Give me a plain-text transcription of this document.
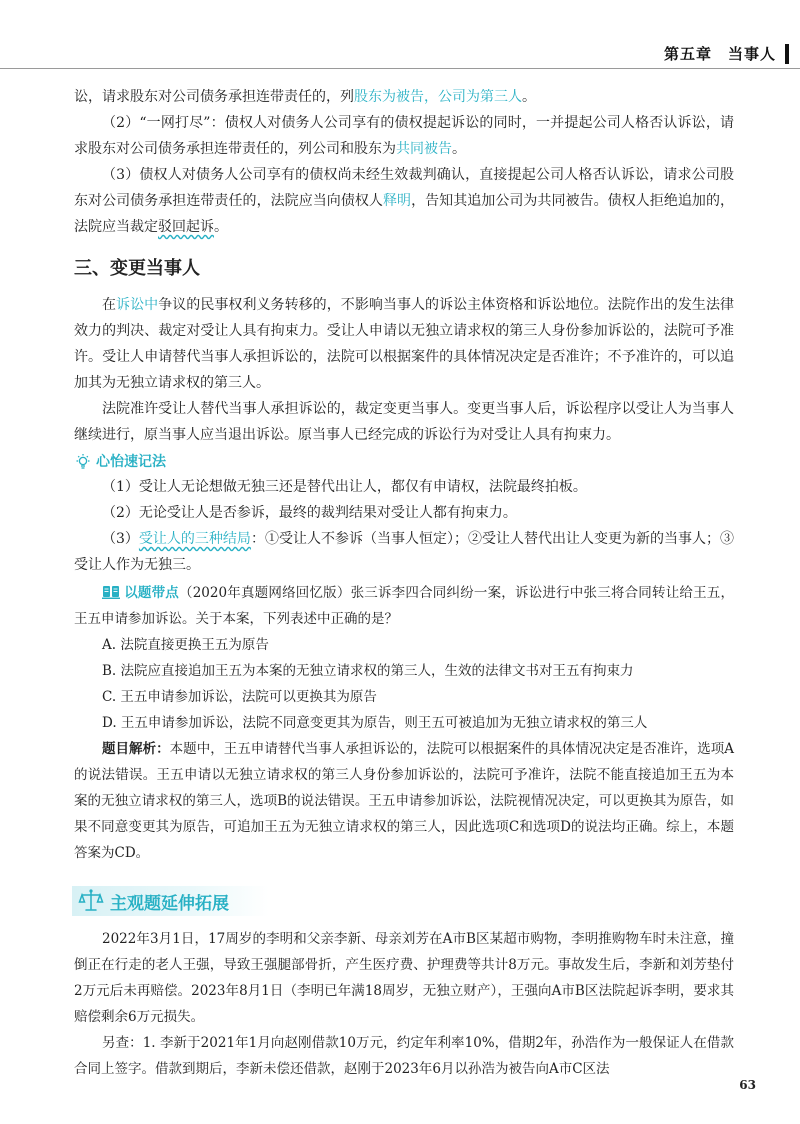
第五章　当事人

讼，请求股东对公司债务承担连带责任的，列股东为被告，公司为第三人。

（2）“一网打尽”：债权人对债务人公司享有的债权提起诉讼的同时，一并提起公司人格否认诉讼，请求股东对公司债务承担连带责任的，列公司和股东为共同被告。

（3）债权人对债务人公司享有的债权尚未经生效裁判确认，直接提起公司人格否认诉讼，请求公司股东对公司债务承担连带责任的，法院应当向债权人释明，告知其追加公司为共同被告。债权人拒绝追加的，法院应当裁定驳回起诉。

三、变更当事人

在诉讼中争议的民事权利义务转移的，不影响当事人的诉讼主体资格和诉讼地位。法院作出的发生法律效力的判决、裁定对受让人具有拘束力。受让人申请以无独立请求权的第三人身份参加诉讼的，法院可予准许。受让人申请替代当事人承担诉讼的，法院可以根据案件的具体情况决定是否准许；不予准许的，可以追加其为无独立请求权的第三人。

法院准许受让人替代当事人承担诉讼的，裁定变更当事人。变更当事人后，诉讼程序以受让人为当事人继续进行，原当事人应当退出诉讼。原当事人已经完成的诉讼行为对受让人具有拘束力。

心怡速记法

（1）受让人无论想做无独三还是替代出让人，都仅有申请权，法院最终拍板。

（2）无论受让人是否参诉，最终的裁判结果对受让人都有拘束力。

（3）受让人的三种结局：①受让人不参诉（当事人恒定）；②受让人替代出让人变更为新的当事人；③受让人作为无独三。

以题带点（2020年真题网络回忆版）张三诉李四合同纠纷一案，诉讼进行中张三将合同转让给王五，王五申请参加诉讼。关于本案，下列表述中正确的是？

A. 法院直接更换王五为原告

B. 法院应直接追加王五为本案的无独立请求权的第三人，生效的法律文书对王五有拘束力

C. 王五申请参加诉讼，法院可以更换其为原告

D. 王五申请参加诉讼，法院不同意变更其为原告，则王五可被追加为无独立请求权的第三人

题目解析：本题中，王五申请替代当事人承担诉讼的，法院可以根据案件的具体情况决定是否准许，选项A的说法错误。王五申请以无独立请求权的第三人身份参加诉讼的，法院可予准许，法院不能直接追加王五为本案的无独立请求权的第三人，选项B的说法错误。王五申请参加诉讼，法院视情况决定，可以更换其为原告，如果不同意变更其为原告，可追加王五为无独立请求权的第三人，因此选项C和选项D的说法均正确。综上，本题答案为CD。

主观题延伸拓展

2022年3月1日，17周岁的李明和父亲李新、母亲刘芳在A市B区某超市购物，李明推购物车时未注意，撞倒正在行走的老人王强，导致王强腿部骨折，产生医疗费、护理费等共计8万元。事故发生后，李新和刘芳垫付2万元后未再赔偿。2023年8月1日（李明已年满18周岁，无独立财产），王强向A市B区法院起诉李明，要求其赔偿剩余6万元损失。

另查：1. 李新于2021年1月向赵刚借款10万元，约定年利率10%，借期2年，孙浩作为一般保证人在借款合同上签字。借款到期后，李新未偿还借款，赵刚于2023年6月以孙浩为被告向A市C区法

63
